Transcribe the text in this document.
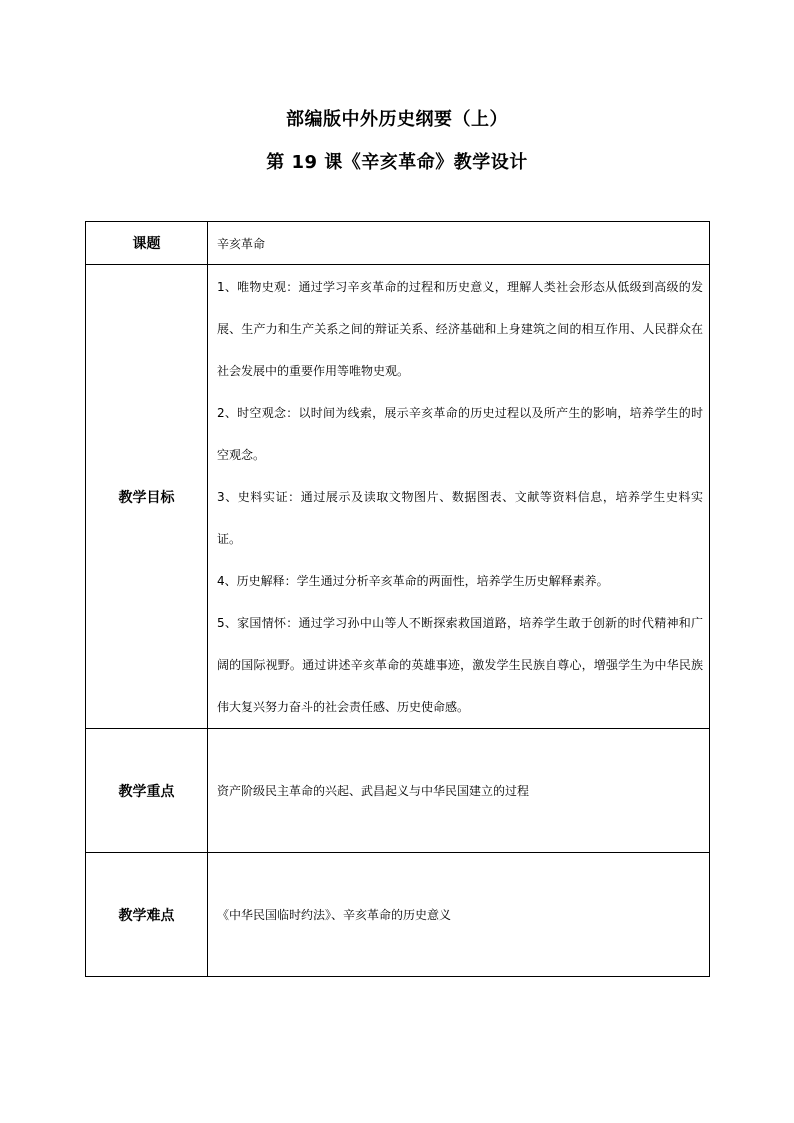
部编版中外历史纲要（上）
第 19 课《辛亥革命》教学设计
课题	辛亥革命
教学目标	1、唯物史观：通过学习辛亥革命的过程和历史意义，理解人类社会形态从低级到高级的发展、生产力和生产关系之间的辩证关系、经济基础和上身建筑之间的相互作用、人民群众在社会发展中的重要作用等唯物史观。

2、时空观念：以时间为线索，展示辛亥革命的历史过程以及所产生的影响，培养学生的时空观念。

3、史料实证：通过展示及读取文物图片、数据图表、文献等资料信息，培养学生史料实证。

4、历史解释：学生通过分析辛亥革命的两面性，培养学生历史解释素养。

5、家国情怀：通过学习孙中山等人不断探索救国道路，培养学生敢于创新的时代精神和广阔的国际视野。通过讲述辛亥革命的英雄事迹，激发学生民族自尊心，增强学生为中华民族伟大复兴努力奋斗的社会责任感、历史使命感。

教学重点	资产阶级民主革命的兴起、武昌起义与中华民国建立的过程
教学难点	《中华民国临时约法》、辛亥革命的历史意义
